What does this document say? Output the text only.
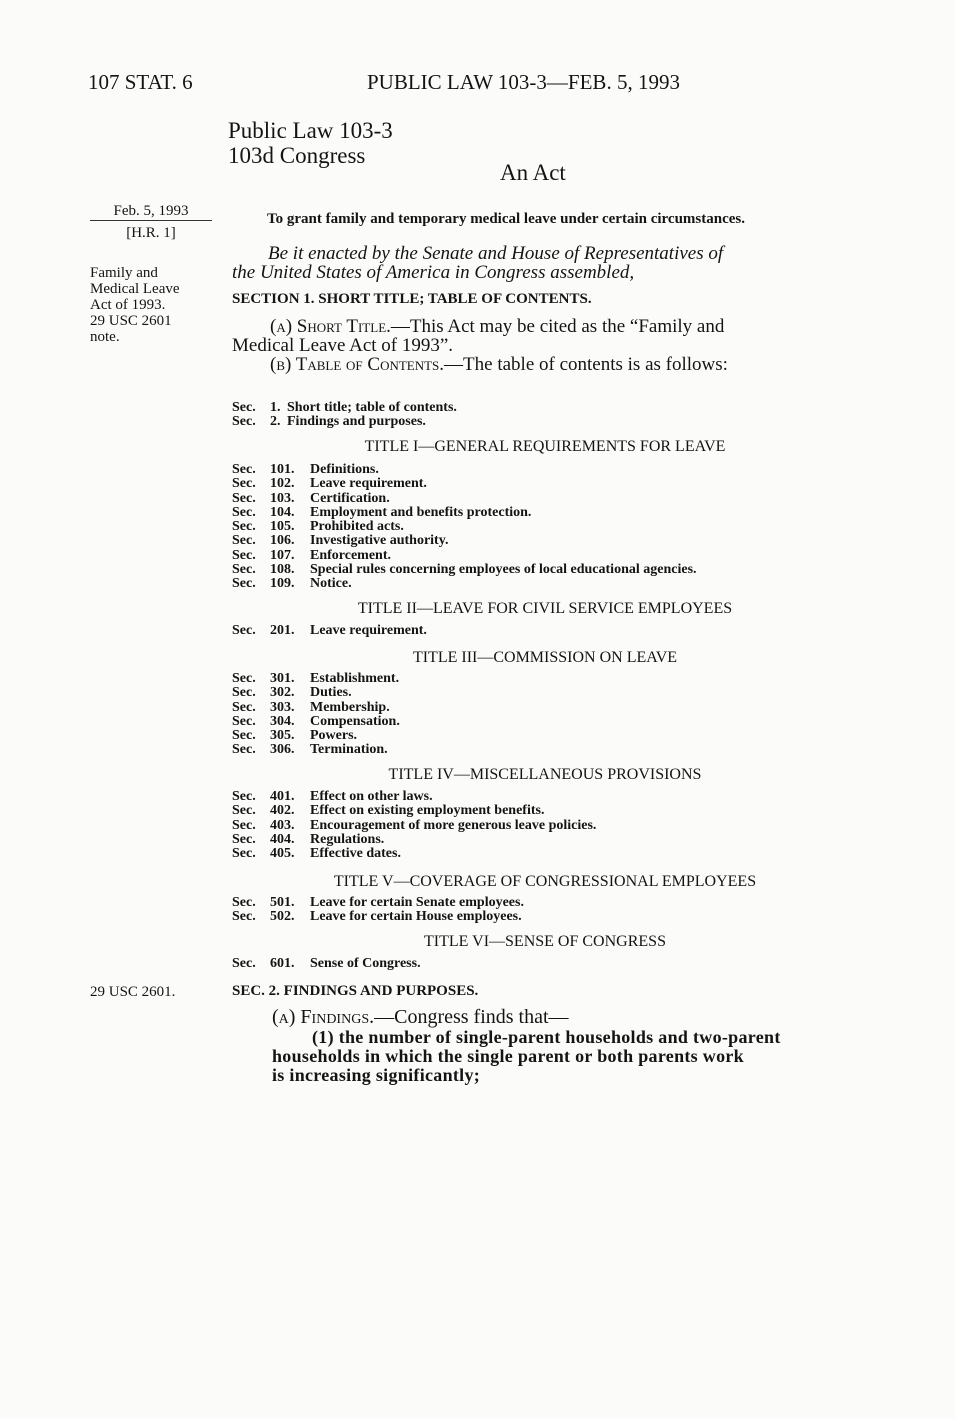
107 STAT. 6	PUBLIC LAW 103-3—FEB. 5, 1993
Public Law 103-3
103d Congress
An Act
Feb. 5, 1993
[H.R. 1]
Family and
Medical Leave
Act of 1993.
29 USC 2601
note.
29 USC 2601.
To grant family and temporary medical leave under certain circumstances.
Be it enacted by the Senate and House of Representatives of
the United States of America in Congress assembled,
SECTION 1. SHORT TITLE; TABLE OF CONTENTS.
(a) Short Title.—This Act may be cited as the “Family and
Medical Leave Act of 1993”.
(b) Table of Contents.—The table of contents is as follows:
Sec. 1. Short title; table of contents.
Sec. 2. Findings and purposes.
TITLE I—GENERAL REQUIREMENTS FOR LEAVE
Sec. 101. Definitions.
Sec. 102. Leave requirement.
Sec. 103. Certification.
Sec. 104. Employment and benefits protection.
Sec. 105. Prohibited acts.
Sec. 106. Investigative authority.
Sec. 107. Enforcement.
Sec. 108. Special rules concerning employees of local educational agencies.
Sec. 109. Notice.
TITLE II—LEAVE FOR CIVIL SERVICE EMPLOYEES
Sec. 201. Leave requirement.
TITLE III—COMMISSION ON LEAVE
Sec. 301. Establishment.
Sec. 302. Duties.
Sec. 303. Membership.
Sec. 304. Compensation.
Sec. 305. Powers.
Sec. 306. Termination.
TITLE IV—MISCELLANEOUS PROVISIONS
Sec. 401. Effect on other laws.
Sec. 402. Effect on existing employment benefits.
Sec. 403. Encouragement of more generous leave policies.
Sec. 404. Regulations.
Sec. 405. Effective dates.
TITLE V—COVERAGE OF CONGRESSIONAL EMPLOYEES
Sec. 501. Leave for certain Senate employees.
Sec. 502. Leave for certain House employees.
TITLE VI—SENSE OF CONGRESS
Sec. 601. Sense of Congress.
SEC. 2. FINDINGS AND PURPOSES.
(a) Findings.—Congress finds that—
(1) the number of single-parent households and two-parent
households in which the single parent or both parents work
is increasing significantly;
